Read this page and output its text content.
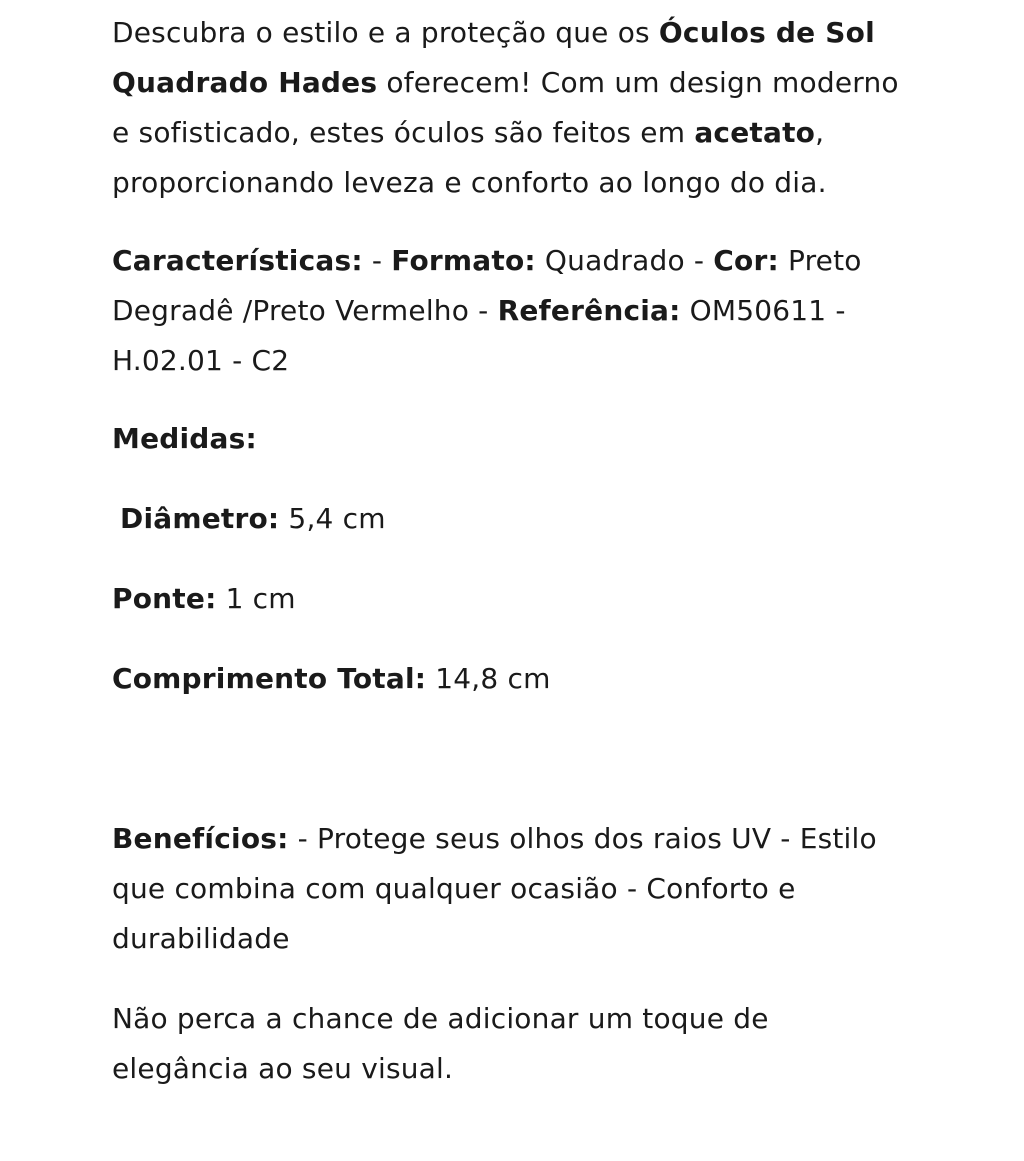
Descubra o estilo e a proteção que os Óculos de Sol Quadrado Hades oferecem! Com um design moderno e sofisticado, estes óculos são feitos em acetato, proporcionando leveza e conforto ao longo do dia.

Características: - Formato: Quadrado - Cor: Preto Degradê /Preto Vermelho - Referência: OM50611 - H.02.01 - C2

Medidas:

Diâmetro: 5,4 cm

Ponte: 1 cm

Comprimento Total: 14,8 cm

Benefícios: - Protege seus olhos dos raios UV - Estilo que combina com qualquer ocasião - Conforto e durabilidade

Não perca a chance de adicionar um toque de elegância ao seu visual.
